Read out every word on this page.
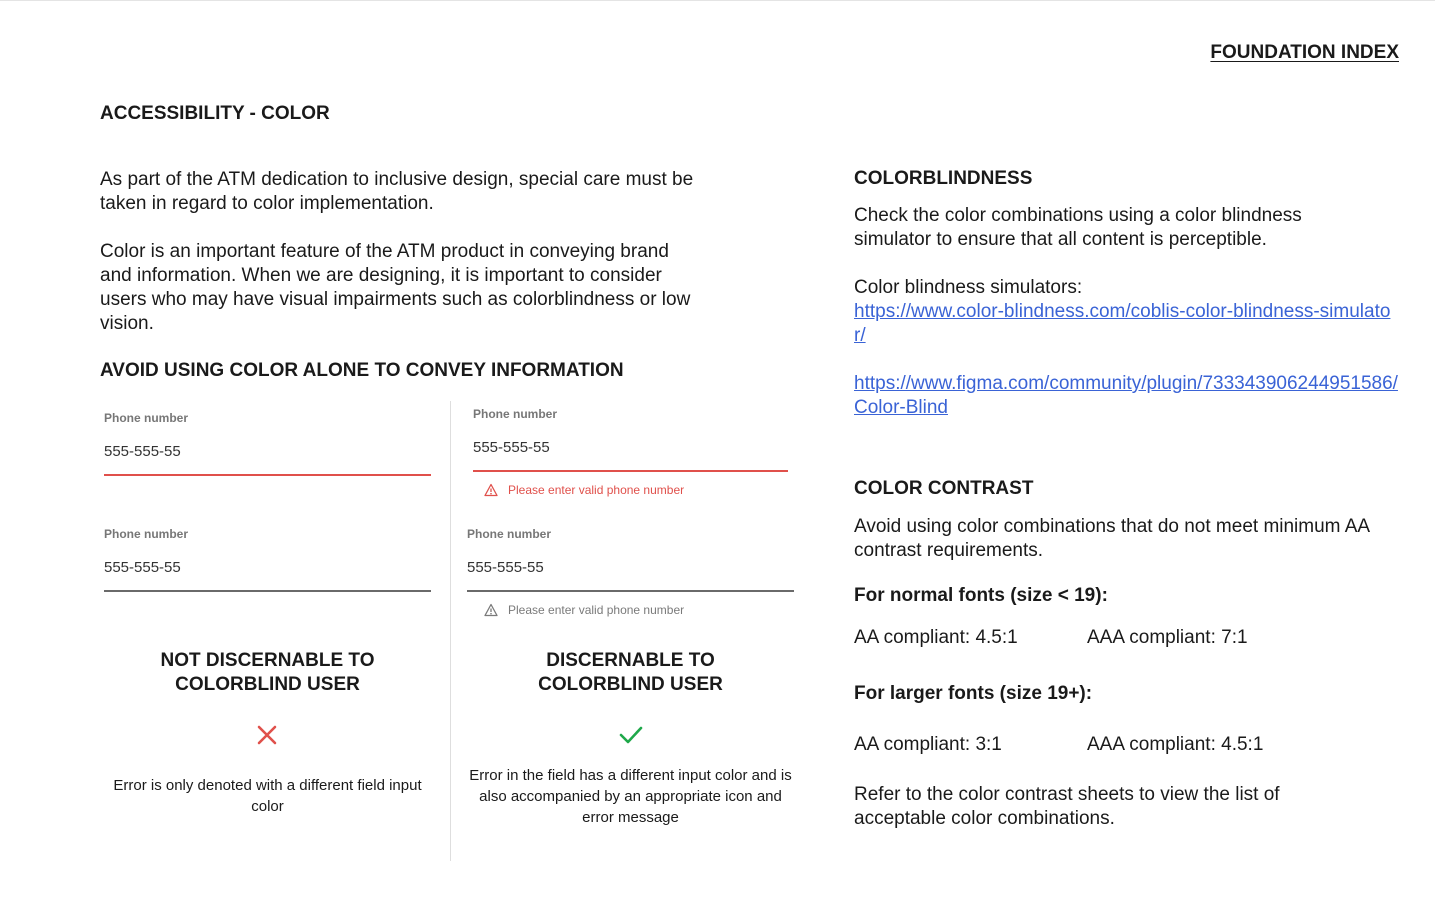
FOUNDATION INDEX
ACCESSIBILITY - COLOR
As part of the ATM dedication to inclusive design, special care must be taken in regard to color implementation.
Color is an important feature of the ATM product in conveying brand and information. When we are designing, it is important to consider users who may have visual impairments such as colorblindness or low vision.
AVOID USING COLOR ALONE TO CONVEY INFORMATION
Phone number
555-555-55
Phone number
555-555-55
NOT DISCERNABLE TO
COLORBLIND USER
Error is only denoted with a different field input color
Phone number
555-555-55
Please enter valid phone number
Phone number
555-555-55
Please enter valid phone number
DISCERNABLE TO
COLORBLIND USER
Error in the field has a different input color and is also accompanied by an appropriate icon and error message
COLORBLINDNESS
Check the color combinations using a color blindness simulator to ensure that all content is perceptible.
Color blindness simulators:
https://www.color-blindness.com/coblis-color-blindness-simulator/
https://www.figma.com/community/plugin/733343906244951586/Color-Blind
COLOR CONTRAST
Avoid using color combinations that do not meet minimum AA contrast requirements.
For normal fonts (size < 19):
AA compliant: 4.5:1	AAA compliant: 7:1
For larger fonts (size 19+):
AA compliant: 3:1	AAA compliant: 4.5:1
Refer to the color contrast sheets to view the list of acceptable color combinations.
